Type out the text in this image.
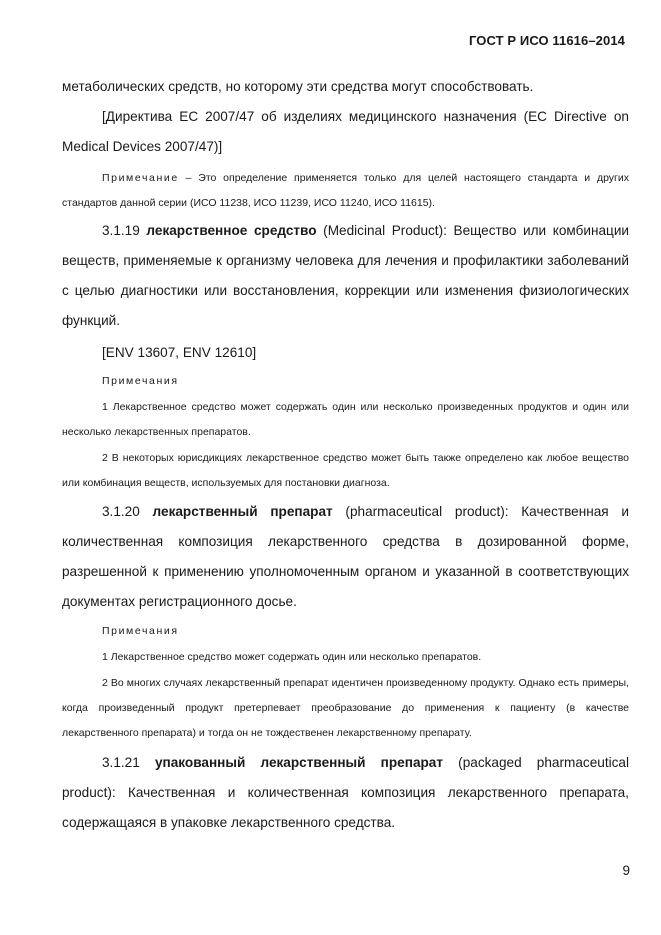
ГОСТ Р ИСО 11616–2014

метаболических средств, но которому эти средства могут способствовать.

[Директива ЕС 2007/47 об изделиях медицинского назначения (EC Directive on Medical Devices 2007/47)]

Примечание – Это определение применяется только для целей настоящего стандарта и других стандартов данной серии (ИСО 11238, ИСО 11239, ИСО 11240, ИСО 11615).

3.1.19 лекарственное средство (Medicinal Product): Вещество или комбинации веществ, применяемые к организму человека для лечения и профилактики заболеваний с целью диагностики или восстановления, коррекции или изменения физиологических функций.

[ENV 13607, ENV 12610]

Примечания

1 Лекарственное средство может содержать один или несколько произведенных продуктов и один или несколько лекарственных препаратов.

2 В некоторых юрисдикциях лекарственное средство может быть также определено как любое вещество или комбинация веществ, используемых для постановки диагноза.

3.1.20 лекарственный препарат (pharmaceutical product): Качественная и количественная композиция лекарственного средства в дозированной форме, разрешенной к применению уполномоченным органом и указанной в соответствующих документах регистрационного досье.

Примечания

1 Лекарственное средство может содержать один или несколько препаратов.

2 Во многих случаях лекарственный препарат идентичен произведенному продукту. Однако есть примеры, когда произведенный продукт претерпевает преобразование до применения к пациенту (в качестве лекарственного препарата) и тогда он не тождественен лекарственному препарату.

3.1.21 упакованный лекарственный препарат (packaged pharmaceutical product): Качественная и количественная композиция лекарственного препарата, содержащаяся в упаковке лекарственного средства.

9
